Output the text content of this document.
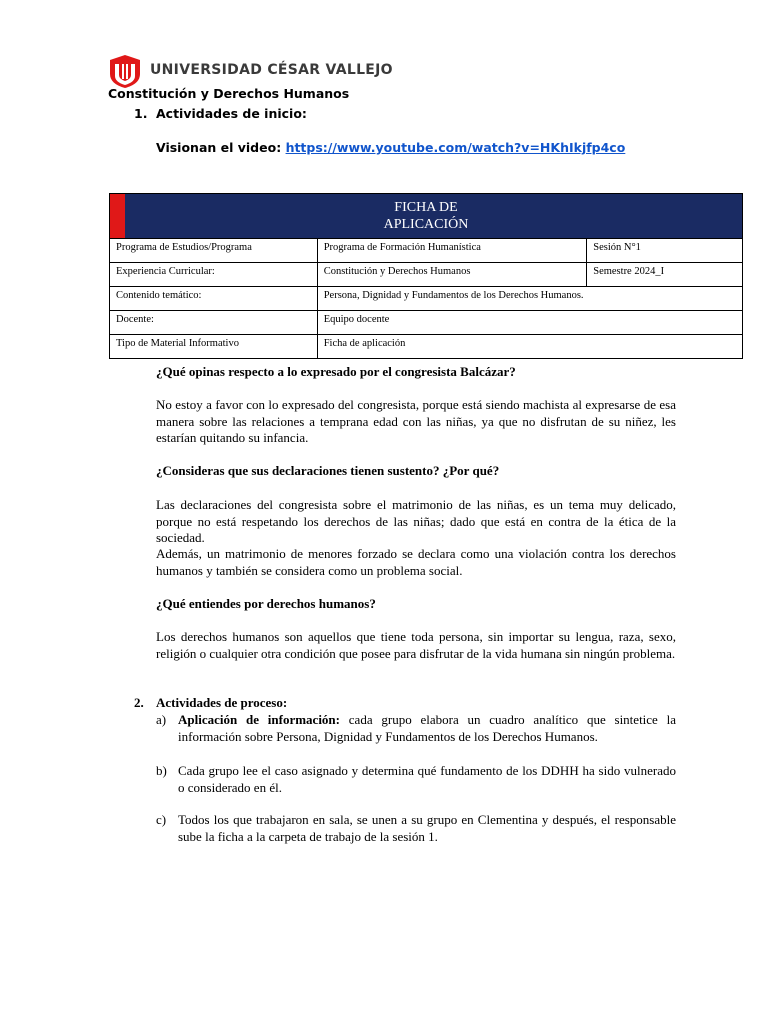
UNIVERSIDAD CÉSAR VALLEJO
Constitución y Derechos Humanos
1. Actividades de inicio:
Visionan el video: https://www.youtube.com/watch?v=HKhIkjfp4co
FICHA DE
APLICACIÓN		

Programa de Estudios/Programa	Programa de Formación Humanística	Sesión N°1
Experiencia Curricular:	Constitución y Derechos Humanos	Semestre 2024_I
Contenido temático:	Persona, Dignidad y Fundamentos de los Derechos Humanos.	
Docente:	Equipo docente	
Tipo de Material Informativo	Ficha de aplicación	
¿Qué opinas respecto a lo expresado por el congresista Balcázar?
No estoy a favor con lo expresado del congresista, porque está siendo machista al expresarse de esa manera sobre las relaciones a temprana edad con las niñas, ya que no disfrutan de su niñez, les estarían quitando su infancia.
¿Consideras que sus declaraciones tienen sustento? ¿Por qué?
Las declaraciones del congresista sobre el matrimonio de las niñas, es un tema muy delicado, porque no está respetando los derechos de las niñas; dado que está en contra de la ética de la sociedad.
Además, un matrimonio de menores forzado se declara como una violación contra los derechos humanos y también se considera como un problema social.
¿Qué entiendes por derechos humanos?
Los derechos humanos son aquellos que tiene toda persona, sin importar su lengua, raza, sexo, religión o cualquier otra condición que posee para disfrutar de la vida humana sin ningún problema.
2. Actividades de proceso:
a) Aplicación de información: cada grupo elabora un cuadro analítico que sintetice la información sobre Persona, Dignidad y Fundamentos de los Derechos Humanos.
b) Cada grupo lee el caso asignado y determina qué fundamento de los DDHH ha sido vulnerado o considerado en él.
c) Todos los que trabajaron en sala, se unen a su grupo en Clementina y después, el responsable sube la ficha a la carpeta de trabajo de la sesión 1.
